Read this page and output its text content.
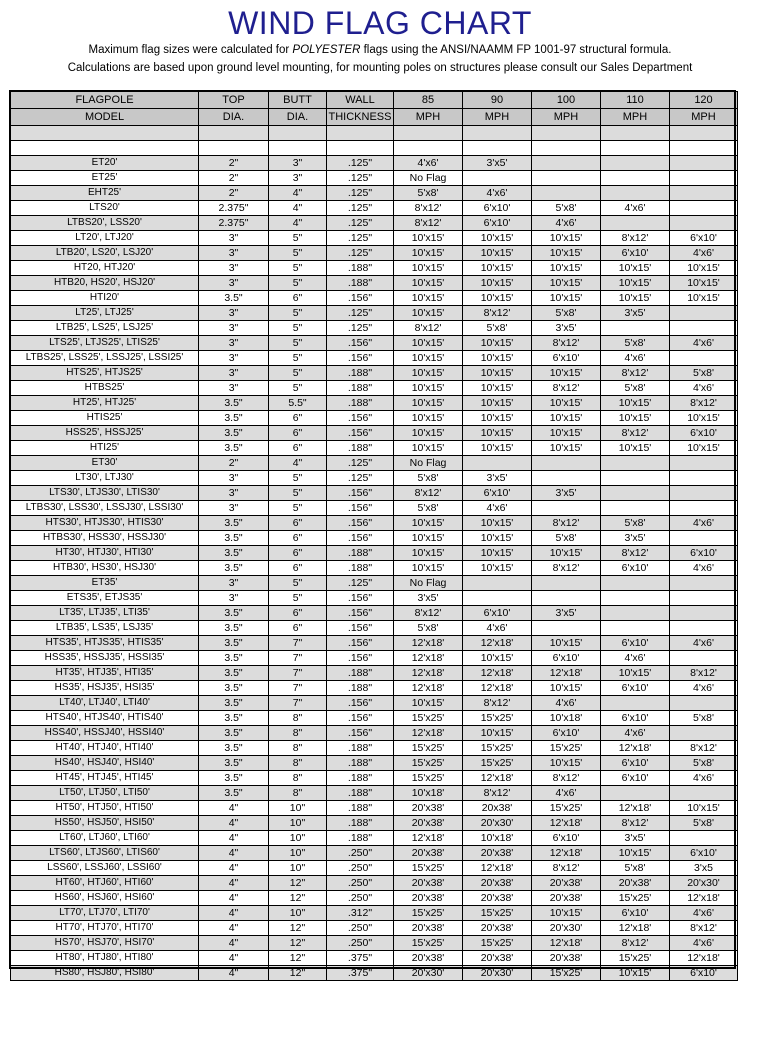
WIND FLAG CHART
Maximum flag sizes were calculated for POLYESTER flags using the ANSI/NAAMM FP 1001-97 structural formula.
Calculations are based upon ground level mounting, for mounting poles on structures please consult our Sales Department
FLAGPOLE	TOP	BUTT	WALL	85	90	100	110	120
MODEL	DIA.	DIA.	THICKNESS	MPH	MPH	MPH	MPH	MPH

ET20'	2"	3"	.125"	4'x6'	3'x5'			
ET25'	2"	3"	.125"	No Flag				
EHT25'	2"	4"	.125"	5'x8'	4'x6'			
LTS20'	2.375"	4"	.125"	8'x12'	6'x10'	5'x8'	4'x6'	
LTBS20', LSS20'	2.375"	4"	.125"	8'x12'	6'x10'	4'x6'		
LT20', LTJ20'	3"	5"	.125"	10'x15'	10'x15'	10'x15'	8'x12'	6'x10'
LTB20', LS20', LSJ20'	3"	5"	.125"	10'x15'	10'x15'	10'x15'	6'x10'	4'x6'
HT20, HTJ20'	3"	5"	.188"	10'x15'	10'x15'	10'x15'	10'x15'	10'x15'
HTB20, HS20', HSJ20'	3"	5"	.188"	10'x15'	10'x15'	10'x15'	10'x15'	10'x15'
HTI20'	3.5"	6"	.156"	10'x15'	10'x15'	10'x15'	10'x15'	10'x15'
LT25', LTJ25'	3"	5"	.125"	10'x15'	8'x12'	5'x8'	3'x5'	
LTB25', LS25', LSJ25'	3"	5"	.125"	8'x12'	5'x8'	3'x5'		
LTS25', LTJS25', LTIS25'	3"	5"	.156"	10'x15'	10'x15'	8'x12'	5'x8'	4'x6'
LTBS25', LSS25', LSSJ25', LSSI25'	3"	5"	.156"	10'x15'	10'x15'	6'x10'	4'x6'	
HTS25', HTJS25'	3"	5"	.188"	10'x15'	10'x15'	10'x15'	8'x12'	5'x8'
HTBS25'	3"	5"	.188"	10'x15'	10'x15'	8'x12'	5'x8'	4'x6'
HT25', HTJ25'	3.5"	5.5"	.188"	10'x15'	10'x15'	10'x15'	10'x15'	8'x12'
HTIS25'	3.5"	6"	.156"	10'x15'	10'x15'	10'x15'	10'x15'	10'x15'
HSS25', HSSJ25'	3.5"	6"	.156"	10'x15'	10'x15'	10'x15'	8'x12'	6'x10'
HTI25'	3.5"	6"	.188"	10'x15'	10'x15'	10'x15'	10'x15'	10'x15'
ET30'	2"	4"	.125"	No Flag				
LT30', LTJ30'	3"	5"	.125"	5'x8'	3'x5'			
LTS30', LTJS30', LTIS30'	3"	5"	.156"	8'x12'	6'x10'	3'x5'		
LTBS30', LSS30', LSSJ30', LSSI30'	3"	5"	.156"	5'x8'	4'x6'			
HTS30', HTJS30', HTIS30'	3.5"	6"	.156"	10'x15'	10'x15'	8'x12'	5'x8'	4'x6'
HTBS30', HSS30', HSSJ30'	3.5"	6"	.156"	10'x15'	10'x15'	5'x8'	3'x5'	
HT30', HTJ30', HTI30'	3.5"	6"	.188"	10'x15'	10'x15'	10'x15'	8'x12'	6'x10'
HTB30', HS30', HSJ30'	3.5"	6"	.188"	10'x15'	10'x15'	8'x12'	6'x10'	4'x6'
ET35'	3"	5"	.125"	No Flag				
ETS35', ETJS35'	3"	5"	.156"	3'x5'				
LT35', LTJ35', LTI35'	3.5"	6"	.156"	8'x12'	6'x10'	3'x5'		
LTB35', LS35', LSJ35'	3.5"	6"	.156"	5'x8'	4'x6'			
HTS35', HTJS35', HTIS35'	3.5"	7"	.156"	12'x18'	12'x18'	10'x15'	6'x10'	4'x6'
HSS35', HSSJ35', HSSI35'	3.5"	7"	.156"	12'x18'	10'x15'	6'x10'	4'x6'	
HT35', HTJ35', HTI35'	3.5"	7"	.188"	12'x18'	12'x18'	12'x18'	10'x15'	8'x12'
HS35', HSJ35', HSI35'	3.5"	7"	.188"	12'x18'	12'x18'	10'x15'	6'x10'	4'x6'
LT40', LTJ40', LTI40'	3.5"	7"	.156"	10'x15'	8'x12'	4'x6'		
HTS40', HTJS40', HTIS40'	3.5"	8"	.156"	15'x25'	15'x25'	10'x18'	6'x10'	5'x8'
HSS40', HSSJ40', HSSI40'	3.5"	8"	.156"	12'x18'	10'x15'	6'x10'	4'x6'	
HT40', HTJ40', HTI40'	3.5"	8"	.188"	15'x25'	15'x25'	15'x25'	12'x18'	8'x12'
HS40', HSJ40', HSI40'	3.5"	8"	.188"	15'x25'	15'x25'	10'x15'	6'x10'	5'x8'
HT45', HTJ45', HTI45'	3.5"	8"	.188"	15'x25'	12'x18'	8'x12'	6'x10'	4'x6'
LT50', LTJ50', LTI50'	3.5"	8"	.188"	10'x18'	8'x12'	4'x6'		
HT50', HTJ50', HTI50'	4"	10"	.188"	20'x38'	20x38'	15'x25'	12'x18'	10'x15'
HS50', HSJ50', HSI50'	4"	10"	.188"	20'x38'	20'x30'	12'x18'	8'x12'	5'x8'
LT60', LTJ60', LTI60'	4"	10"	.188"	12'x18'	10'x18'	6'x10'	3'x5'	
LTS60', LTJS60', LTIS60'	4"	10"	.250"	20'x38'	20'x38'	12'x18'	10'x15'	6'x10'
LSS60', LSSJ60', LSSI60'	4"	10"	.250"	15'x25'	12'x18'	8'x12'	5'x8'	3'x5
HT60', HTJ60', HTI60'	4"	12"	.250"	20'x38'	20'x38'	20'x38'	20'x38'	20'x30'
HS60', HSJ60', HSI60'	4"	12"	.250"	20'x38'	20'x38'	20'x38'	15'x25'	12'x18'
LT70', LTJ70', LTI70'	4"	10"	.312"	15'x25'	15'x25'	10'x15'	6'x10'	4'x6'
HT70', HTJ70', HTI70'	4"	12"	.250"	20'x38'	20'x38'	20'x30'	12'x18'	8'x12'
HS70', HSJ70', HSI70'	4"	12"	.250"	15'x25'	15'x25'	12'x18'	8'x12'	4'x6'
HT80', HTJ80', HTI80'	4"	12"	.375"	20'x38'	20'x38'	20'x38'	15'x25'	12'x18'
HS80', HSJ80', HSI80'	4"	12"	.375"	20'x30'	20'x30'	15'x25'	10'x15'	6'x10'
